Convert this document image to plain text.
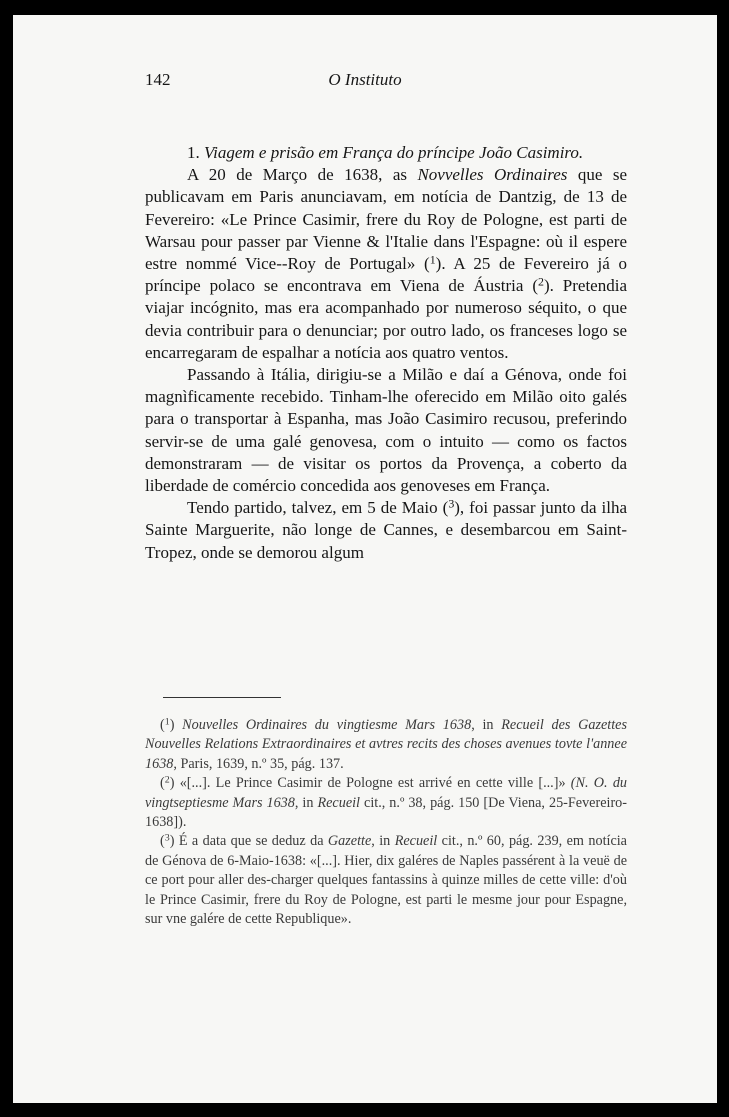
142	O Instituto

1. Viagem e prisão em França do príncipe João Casimiro.

A 20 de Março de 1638, as Novvelles Ordinaires que se publicavam em Paris anunciavam, em notícia de Dantzig, de 13 de Fevereiro: «Le Prince Casimir, frere du Roy de Pologne, est parti de Warsau pour passer par Vienne & l'Italie dans l'Espagne: où il espere estre nommé Vice--Roy de Portugal» ($^1$). A 25 de Fevereiro já o príncipe polaco se encontrava em Viena de Áustria ($^2$). Pretendia viajar incógnito, mas era acompanhado por numeroso séquito, o que devia contribuir para o denunciar; por outro lado, os franceses logo se encarregaram de espalhar a notícia aos quatro ventos.

Passando à Itália, dirigiu-se a Milão e daí a Génova, onde foi magnìficamente recebido. Tinham-lhe oferecido em Milão oito galés para o transportar à Espanha, mas João Casimiro recusou, preferindo servir-se de uma galé genovesa, com o intuito — como os factos demonstraram — de visitar os portos da Provença, a coberto da liberdade de comércio concedida aos genoveses em França.

Tendo partido, talvez, em 5 de Maio ($^3$), foi passar junto da ilha Sainte Marguerite, não longe de Cannes, e desembarcou em Saint-Tropez, onde se demorou algum

($^1$) Nouvelles Ordinaires du vingtiesme Mars 1638, in Recueil des Gazettes Nouvelles Relations Extraordinaires et avtres recits des choses avenues tovte l'annee 1638, Paris, 1639, n.º 35, pág. 137.

($^2$) «[...]. Le Prince Casimir de Pologne est arrivé en cette ville [...]» (N. O. du vingtseptiesme Mars 1638, in Recueil cit., n.º 38, pág. 150 [De Viena, 25-Fevereiro-1638]).

($^3$) É a data que se deduz da Gazette, in Recueil cit., n.º 60, pág. 239, em notícia de Génova de 6-Maio-1638: «[...]. Hier, dix galéres de Naples passérent à la veuë de ce port pour aller des-charger quelques fantassins à quinze milles de cette ville: d'où le Prince Casimir, frere du Roy de Pologne, est parti le mesme jour pour Espagne, sur vne galére de cette Republique».
